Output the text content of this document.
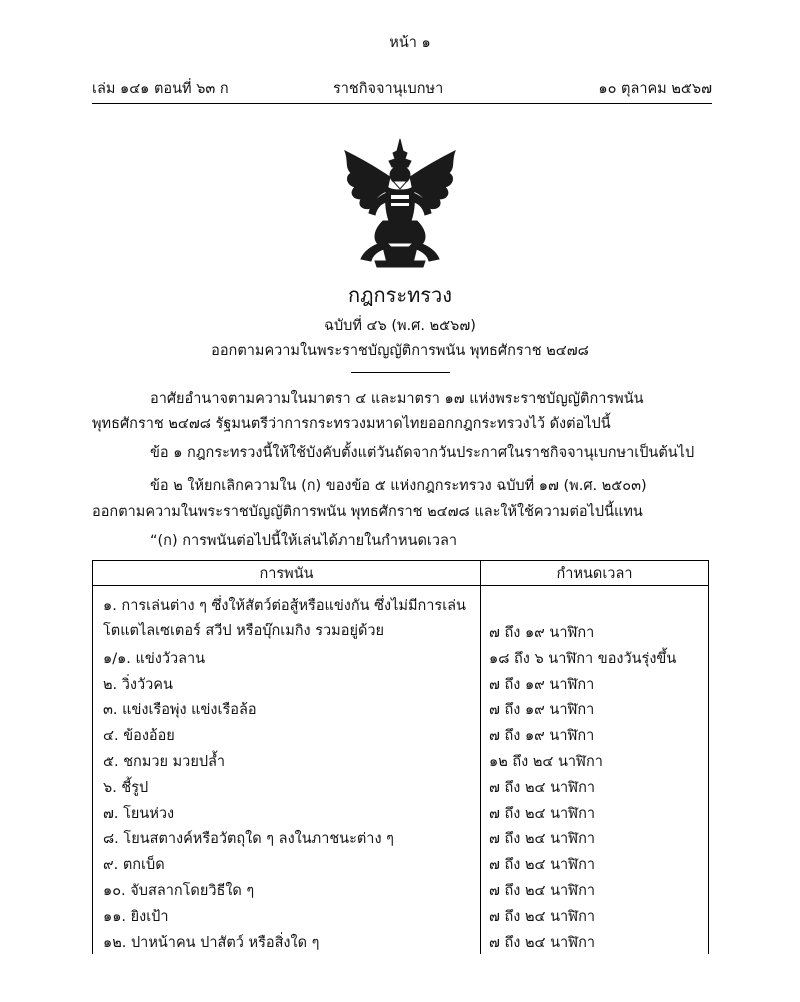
หน้า ๑
เล่ม ๑๔๑ ตอนที่ ๖๓ ก	ราชกิจจานุเบกษา	๑๐ ตุลาคม ๒๕๖๗
กฎกระทรวง
ฉบับที่ ๔๖ (พ.ศ. ๒๕๖๗)
ออกตามความในพระราชบัญญัติการพนัน พุทธศักราช ๒๔๗๘
อาศัยอำนาจตามความในมาตรา ๔ และมาตรา ๑๗ แห่งพระราชบัญญัติการพนัน
พุทธศักราช ๒๔๗๘ รัฐมนตรีว่าการกระทรวงมหาดไทยออกกฎกระทรวงไว้ ดังต่อไปนี้
ข้อ ๑ กฎกระทรวงนี้ให้ใช้บังคับตั้งแต่วันถัดจากวันประกาศในราชกิจจานุเบกษาเป็นต้นไป
ข้อ ๒ ให้ยกเลิกความใน (ก) ของข้อ ๕ แห่งกฎกระทรวง ฉบับที่ ๑๗ (พ.ศ. ๒๕๐๓)
ออกตามความในพระราชบัญญัติการพนัน พุทธศักราช ๒๔๗๘ และให้ใช้ความต่อไปนี้แทน
“(ก) การพนันต่อไปนี้ให้เล่นได้ภายในกำหนดเวลา
การพนัน	กำหนดเวลา

๑. การเล่นต่าง ๆ ซึ่งให้สัตว์ต่อสู้หรือแข่งกัน ซึ่งไม่มีการเล่น
โตแตไลเซเตอร์ สวีป หรือบุ๊กเมกิง รวมอยู่ด้วย	๗ ถึง ๑๙ นาฬิกา
๑/๑. แข่งวัวลาน	๑๘ ถึง ๖ นาฬิกา ของวันรุ่งขึ้น
๒. วิ่งวัวคน	๗ ถึง ๑๙ นาฬิกา
๓. แข่งเรือพุ่ง แข่งเรือล้อ	๗ ถึง ๑๙ นาฬิกา
๔. ข้องอ้อย	๗ ถึง ๑๙ นาฬิกา
๕. ชกมวย มวยปล้ำ	๑๒ ถึง ๒๔ นาฬิกา
๖. ชี้รูป	๗ ถึง ๒๔ นาฬิกา
๗. โยนห่วง	๗ ถึง ๒๔ นาฬิกา
๘. โยนสตางค์หรือวัตถุใด ๆ ลงในภาชนะต่าง ๆ	๗ ถึง ๒๔ นาฬิกา
๙. ตกเบ็ด	๗ ถึง ๒๔ นาฬิกา
๑๐. จับสลากโดยวิธีใด ๆ	๗ ถึง ๒๔ นาฬิกา
๑๑. ยิงเป้า	๗ ถึง ๒๔ นาฬิกา
๑๒. ปาหน้าคน ปาสัตว์ หรือสิ่งใด ๆ	๗ ถึง ๒๔ นาฬิกา
